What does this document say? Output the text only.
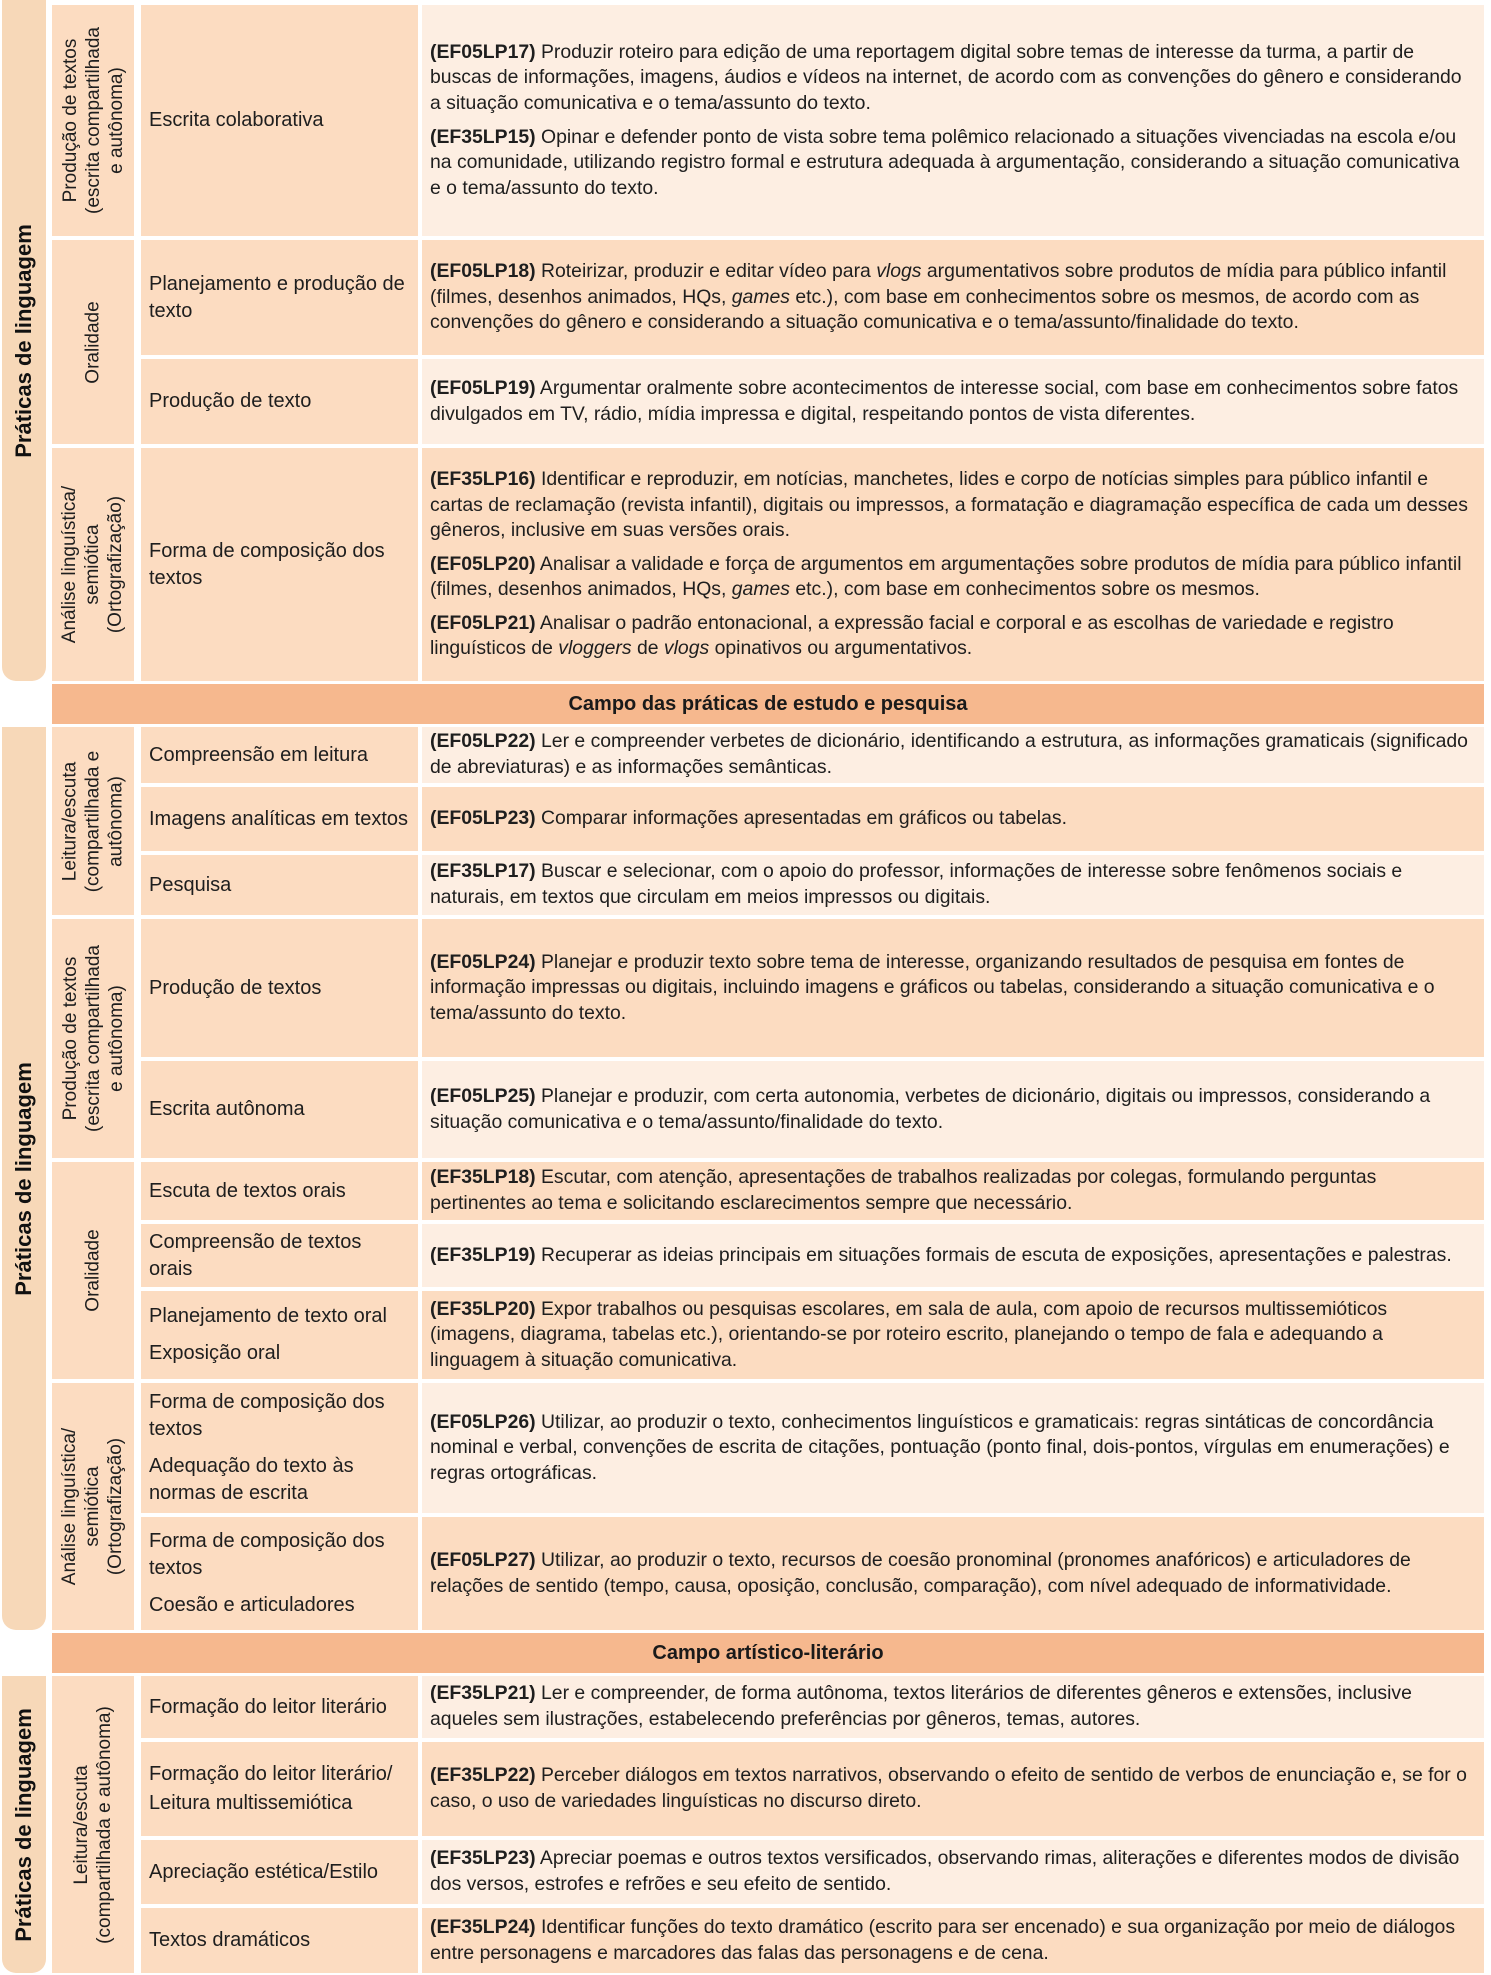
Práticas de linguagem
Produção de textos
(escrita compartilhada
e autônoma)
Oralidade
Análise linguística/
semiótica
(Ortografização)
Escrita colaborativa
Planejamento e produção de texto
Produção de texto
Forma de composição dos textos

(EF05LP17) Produzir roteiro para edição de uma reportagem digital sobre temas de interesse da turma, a partir de buscas de informações, imagens, áudios e vídeos na internet, de acordo com as convenções do gênero e considerando a situação comunicativa e o tema/assunto do texto.

(EF35LP15) Opinar e defender ponto de vista sobre tema polêmico relacionado a situações vivenciadas na escola e/ou na comunidade, utilizando registro formal e estrutura adequada à argumentação, considerando a situação comunicativa e o tema/assunto do texto.

(EF05LP18) Roteirizar, produzir e editar vídeo para vlogs argumentativos sobre produtos de mídia para público infantil (filmes, desenhos animados, HQs, games etc.), com base em conhecimentos sobre os mesmos, de acordo com as convenções do gênero e considerando a situação comunicativa e o tema/assunto/finalidade do texto.

(EF05LP19) Argumentar oralmente sobre acontecimentos de interesse social, com base em conhecimentos sobre fatos divulgados em TV, rádio, mídia impressa e digital, respeitando pontos de vista diferentes.

(EF35LP16) Identificar e reproduzir, em notícias, manchetes, lides e corpo de notícias simples para público infantil e cartas de reclamação (revista infantil), digitais ou impressos, a formatação e diagramação específica de cada um desses gêneros, inclusive em suas versões orais.

(EF05LP20) Analisar a validade e força de argumentos em argumentações sobre produtos de mídia para público infantil (filmes, desenhos animados, HQs, games etc.), com base em conhecimentos sobre os mesmos.

(EF05LP21) Analisar o padrão entonacional, a expressão facial e corporal e as escolhas de variedade e registro linguísticos de vloggers de vlogs opinativos ou argumentativos.

Campo das práticas de estudo e pesquisa
Práticas de linguagem
Leitura/escuta
(compartilhada e
autônoma)
Produção de textos
(escrita compartilhada
e autônoma)
Oralidade
Análise linguística/
semiótica
(Ortografização)
Compreensão em leitura
Imagens analíticas em textos
Pesquisa
Produção de textos
Escrita autônoma
Escuta de textos orais
Compreensão de textos orais
Planejamento de texto oral
Exposição oral
Forma de composição dos textos
Adequação do texto às normas de escrita
Forma de composição dos textos
Coesão e articuladores

(EF05LP22) Ler e compreender verbetes de dicionário, identificando a estrutura, as informações gramaticais (significado de abreviaturas) e as informações semânticas.

(EF05LP23) Comparar informações apresentadas em gráficos ou tabelas.

(EF35LP17) Buscar e selecionar, com o apoio do professor, informações de interesse sobre fenômenos sociais e naturais, em textos que circulam em meios impressos ou digitais.

(EF05LP24) Planejar e produzir texto sobre tema de interesse, organizando resultados de pesquisa em fontes de informação impressas ou digitais, incluindo imagens e gráficos ou tabelas, considerando a situação comunicativa e o tema/assunto do texto.

(EF05LP25) Planejar e produzir, com certa autonomia, verbetes de dicionário, digitais ou impressos, considerando a situação comunicativa e o tema/assunto/finalidade do texto.

(EF35LP18) Escutar, com atenção, apresentações de trabalhos realizadas por colegas, formulando perguntas pertinentes ao tema e solicitando esclarecimentos sempre que necessário.

(EF35LP19) Recuperar as ideias principais em situações formais de escuta de exposições, apresentações e palestras.

(EF35LP20) Expor trabalhos ou pesquisas escolares, em sala de aula, com apoio de recursos multissemióticos (imagens, diagrama, tabelas etc.), orientando-se por roteiro escrito, planejando o tempo de fala e adequando a linguagem à situação comunicativa.

(EF05LP26) Utilizar, ao produzir o texto, conhecimentos linguísticos e gramaticais: regras sintáticas de concordância nominal e verbal, convenções de escrita de citações, pontuação (ponto final, dois-pontos, vírgulas em enumerações) e regras ortográficas.

(EF05LP27) Utilizar, ao produzir o texto, recursos de coesão pronominal (pronomes anafóricos) e articuladores de relações de sentido (tempo, causa, oposição, conclusão, comparação), com nível adequado de informatividade.

Campo artístico-literário
Práticas de linguagem Leitura/escuta
(compartilhada e autônoma) Formação do leitor literário
Formação do leitor literário/
Leitura multissemiótica
Apreciação estética/Estilo
Textos dramáticos

(EF35LP21) Ler e compreender, de forma autônoma, textos literários de diferentes gêneros e extensões, inclusive aqueles sem ilustrações, estabelecendo preferências por gêneros, temas, autores.

(EF35LP22) Perceber diálogos em textos narrativos, observando o efeito de sentido de verbos de enunciação e, se for o caso, o uso de variedades linguísticas no discurso direto.

(EF35LP23) Apreciar poemas e outros textos versificados, observando rimas, aliterações e diferentes modos de divisão dos versos, estrofes e refrões e seu efeito de sentido.

(EF35LP24) Identificar funções do texto dramático (escrito para ser encenado) e sua organização por meio de diálogos entre personagens e marcadores das falas das personagens e de cena.
